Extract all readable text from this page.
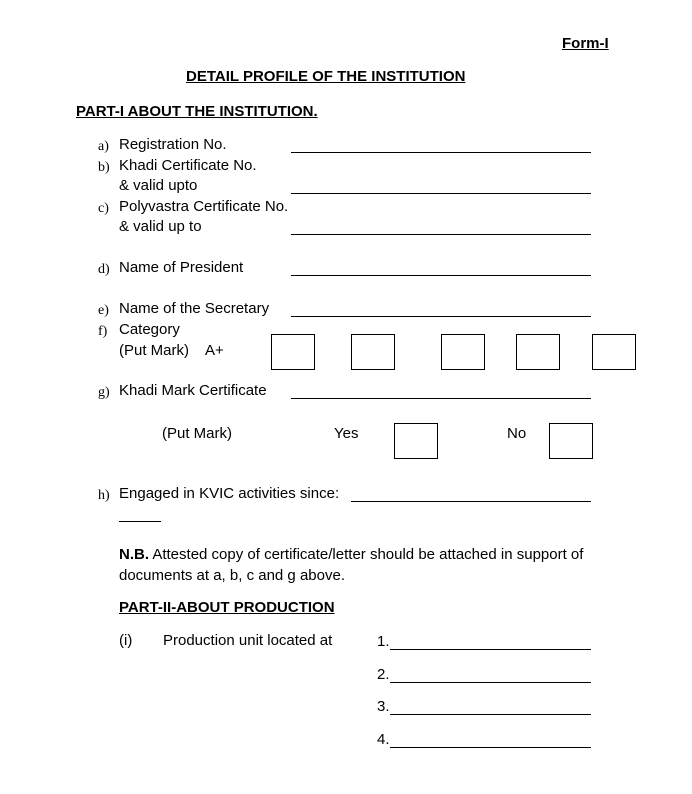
Form-I
DETAIL PROFILE OF THE INSTITUTION
PART-I ABOUT THE INSTITUTION.
a) Registration No.
b) Khadi Certificate No.
& valid upto
c) Polyvastra Certificate No.
& valid up to
d) Name of President
e) Name of the Secretary
f) Category
(Put Mark) A+
g) Khadi Mark Certificate
(Put Mark)	Yes	No
h) Engaged in KVIC activities since:
N.B. Attested copy of certificate/letter should be attached in support of
documents at a, b, c and g above.
PART-II-ABOUT PRODUCTION
(i) Production unit located at	1.
2.
3.
4.
